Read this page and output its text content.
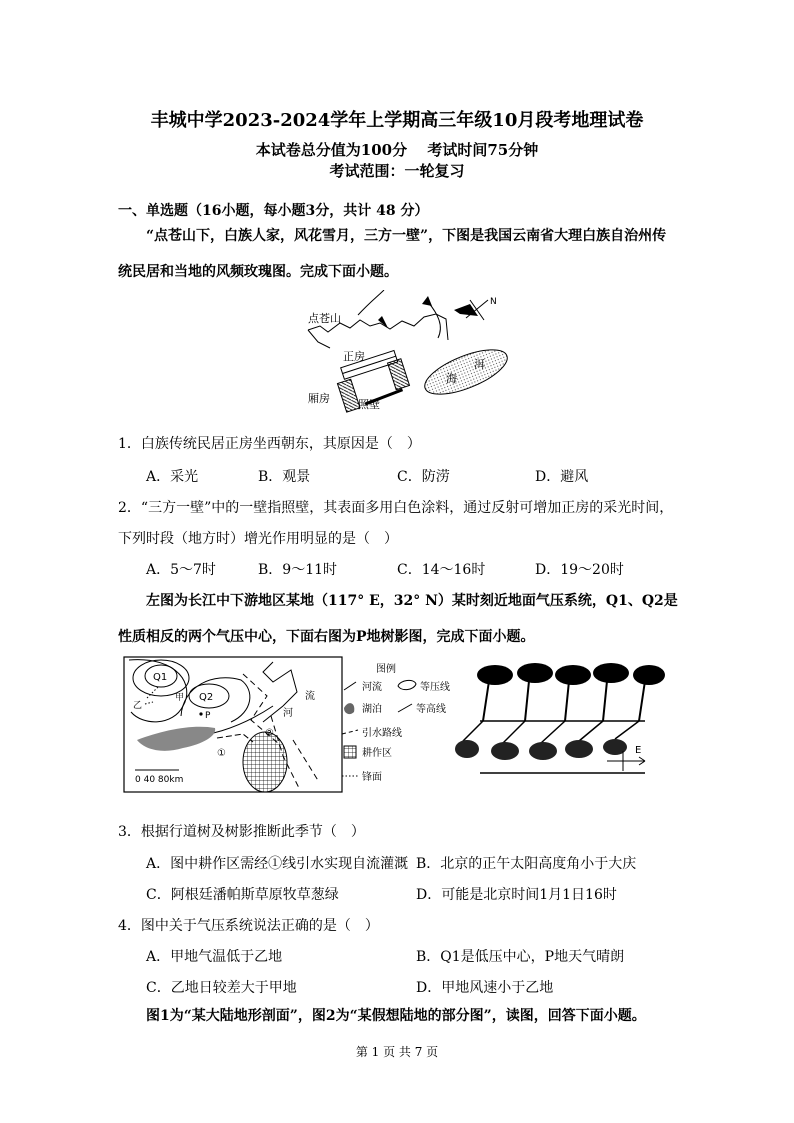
丰城中学2023-2024学年上学期高三年级10月段考地理试卷
本试卷总分值为100分　 考试时间75分钟
考试范围：一轮复习
一、单选题（16小题，每小题3分，共计 48 分）
“点苍山下，白族人家，风花雪月，三方一壁”，下图是我国云南省大理白族自治州传统民居和当地的风频玫瑰图。完成下面小题。
点苍山
正房
厢房	照壁
海
洱
N
1．白族传统民居正房坐西朝东，其原因是（　）
A．采光	B．观景	C．防涝	D．避风
2．“三方一壁”中的一壁指照壁，其表面多用白色涂料，通过反射可增加正房的采光时间，
下列时段（地方时）增光作用明显的是（　）
A．5～7时	B．9～11时	C．14～16时	D．19～20时
左图为长江中下游地区某地（117° E，32° N）某时刻近地面气压系统，Q1、Q2是性质相反的两个气压中心，下面右图为P地树影图，完成下面小题。
Q1
Q2
甲
乙
P
流
河
①
②
0 40 80km
图例
河流	等压线
湖泊	等高线
引水路线
耕作区
锋面
E
3．根据行道树及树影推断此季节（　）
A．图中耕作区需经①线引水实现自流灌溉 B．北京的正午太阳高度角小于大庆
C．阿根廷潘帕斯草原牧草葱绿	D．可能是北京时间1月1日16时
4．图中关于气压系统说法正确的是（　）
A．甲地气温低于乙地	B．Q1是低压中心，P地天气晴朗
C．乙地日较差大于甲地	D．甲地风速小于乙地
图1为“某大陆地形剖面”，图2为“某假想陆地的部分图”，读图，回答下面小题。
第 1 页 共 7 页
